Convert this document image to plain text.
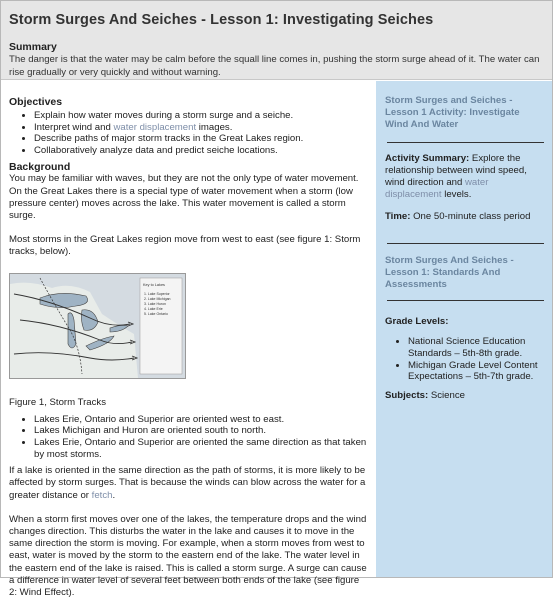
Storm Surges And Seiches - Lesson 1: Investigating Seiches
Summary
The danger is that the water may be calm before the squall line comes in, pushing the storm surge ahead of it. The water can rise gradually or very quickly and without warning.
Objectives
• Explain how water moves during a storm surge and a seiche.
• Interpret wind and water displacement images.
• Describe paths of major storm tracks in the Great Lakes region.
• Collaboratively analyze data and predict seiche locations.
Background

You may be familiar with waves, but they are not the only type of water movement. On the Great Lakes there is a special type of water movement when a storm (low pressure center) moves across the lake. This water movement is called a storm surge.

Most storms in the Great Lakes region move from west to east (see figure 1: Storm tracks, below).

Key to Lakes
1. Lake Superior
2. Lake Michigan
3. Lake Huron
4. Lake Erie
5. Lake Ontario

Figure 1, Storm Tracks

• Lakes Erie, Ontario and Superior are oriented west to east.
• Lakes Michigan and Huron are oriented south to north.
• Lakes Erie, Ontario and Superior are oriented the same direction as that taken by most storms.

If a lake is oriented in the same direction as the path of storms, it is more likely to be affected by storm surges. That is because the winds can blow across the water for a greater distance or fetch.

When a storm first moves over one of the lakes, the temperature drops and the wind changes direction. This disturbs the water in the lake and causes it to move in the same direction the storm is moving. For example, when a storm moves from west to east, water is moved by the storm to the eastern end of the lake. The water level in the eastern end of the lake is raised. This is called a storm surge. A surge can cause a difference in water level of several feet between both ends of the lake (see figure 2: Wind Effect).

Storm Surges and Seiches - Lesson 1 Activity: Investigate Wind And Water

Activity Summary: Explore the relationship between wind speed, wind direction and water displacement levels.

Time: One 50-minute class period

Storm Surges And Seiches - Lesson 1: Standards And Assessments

Grade Levels:

• National Science Education Standards – 5th-8th grade.
• Michigan Grade Level Content Expectations – 5th-7th grade.

Subjects: Science
